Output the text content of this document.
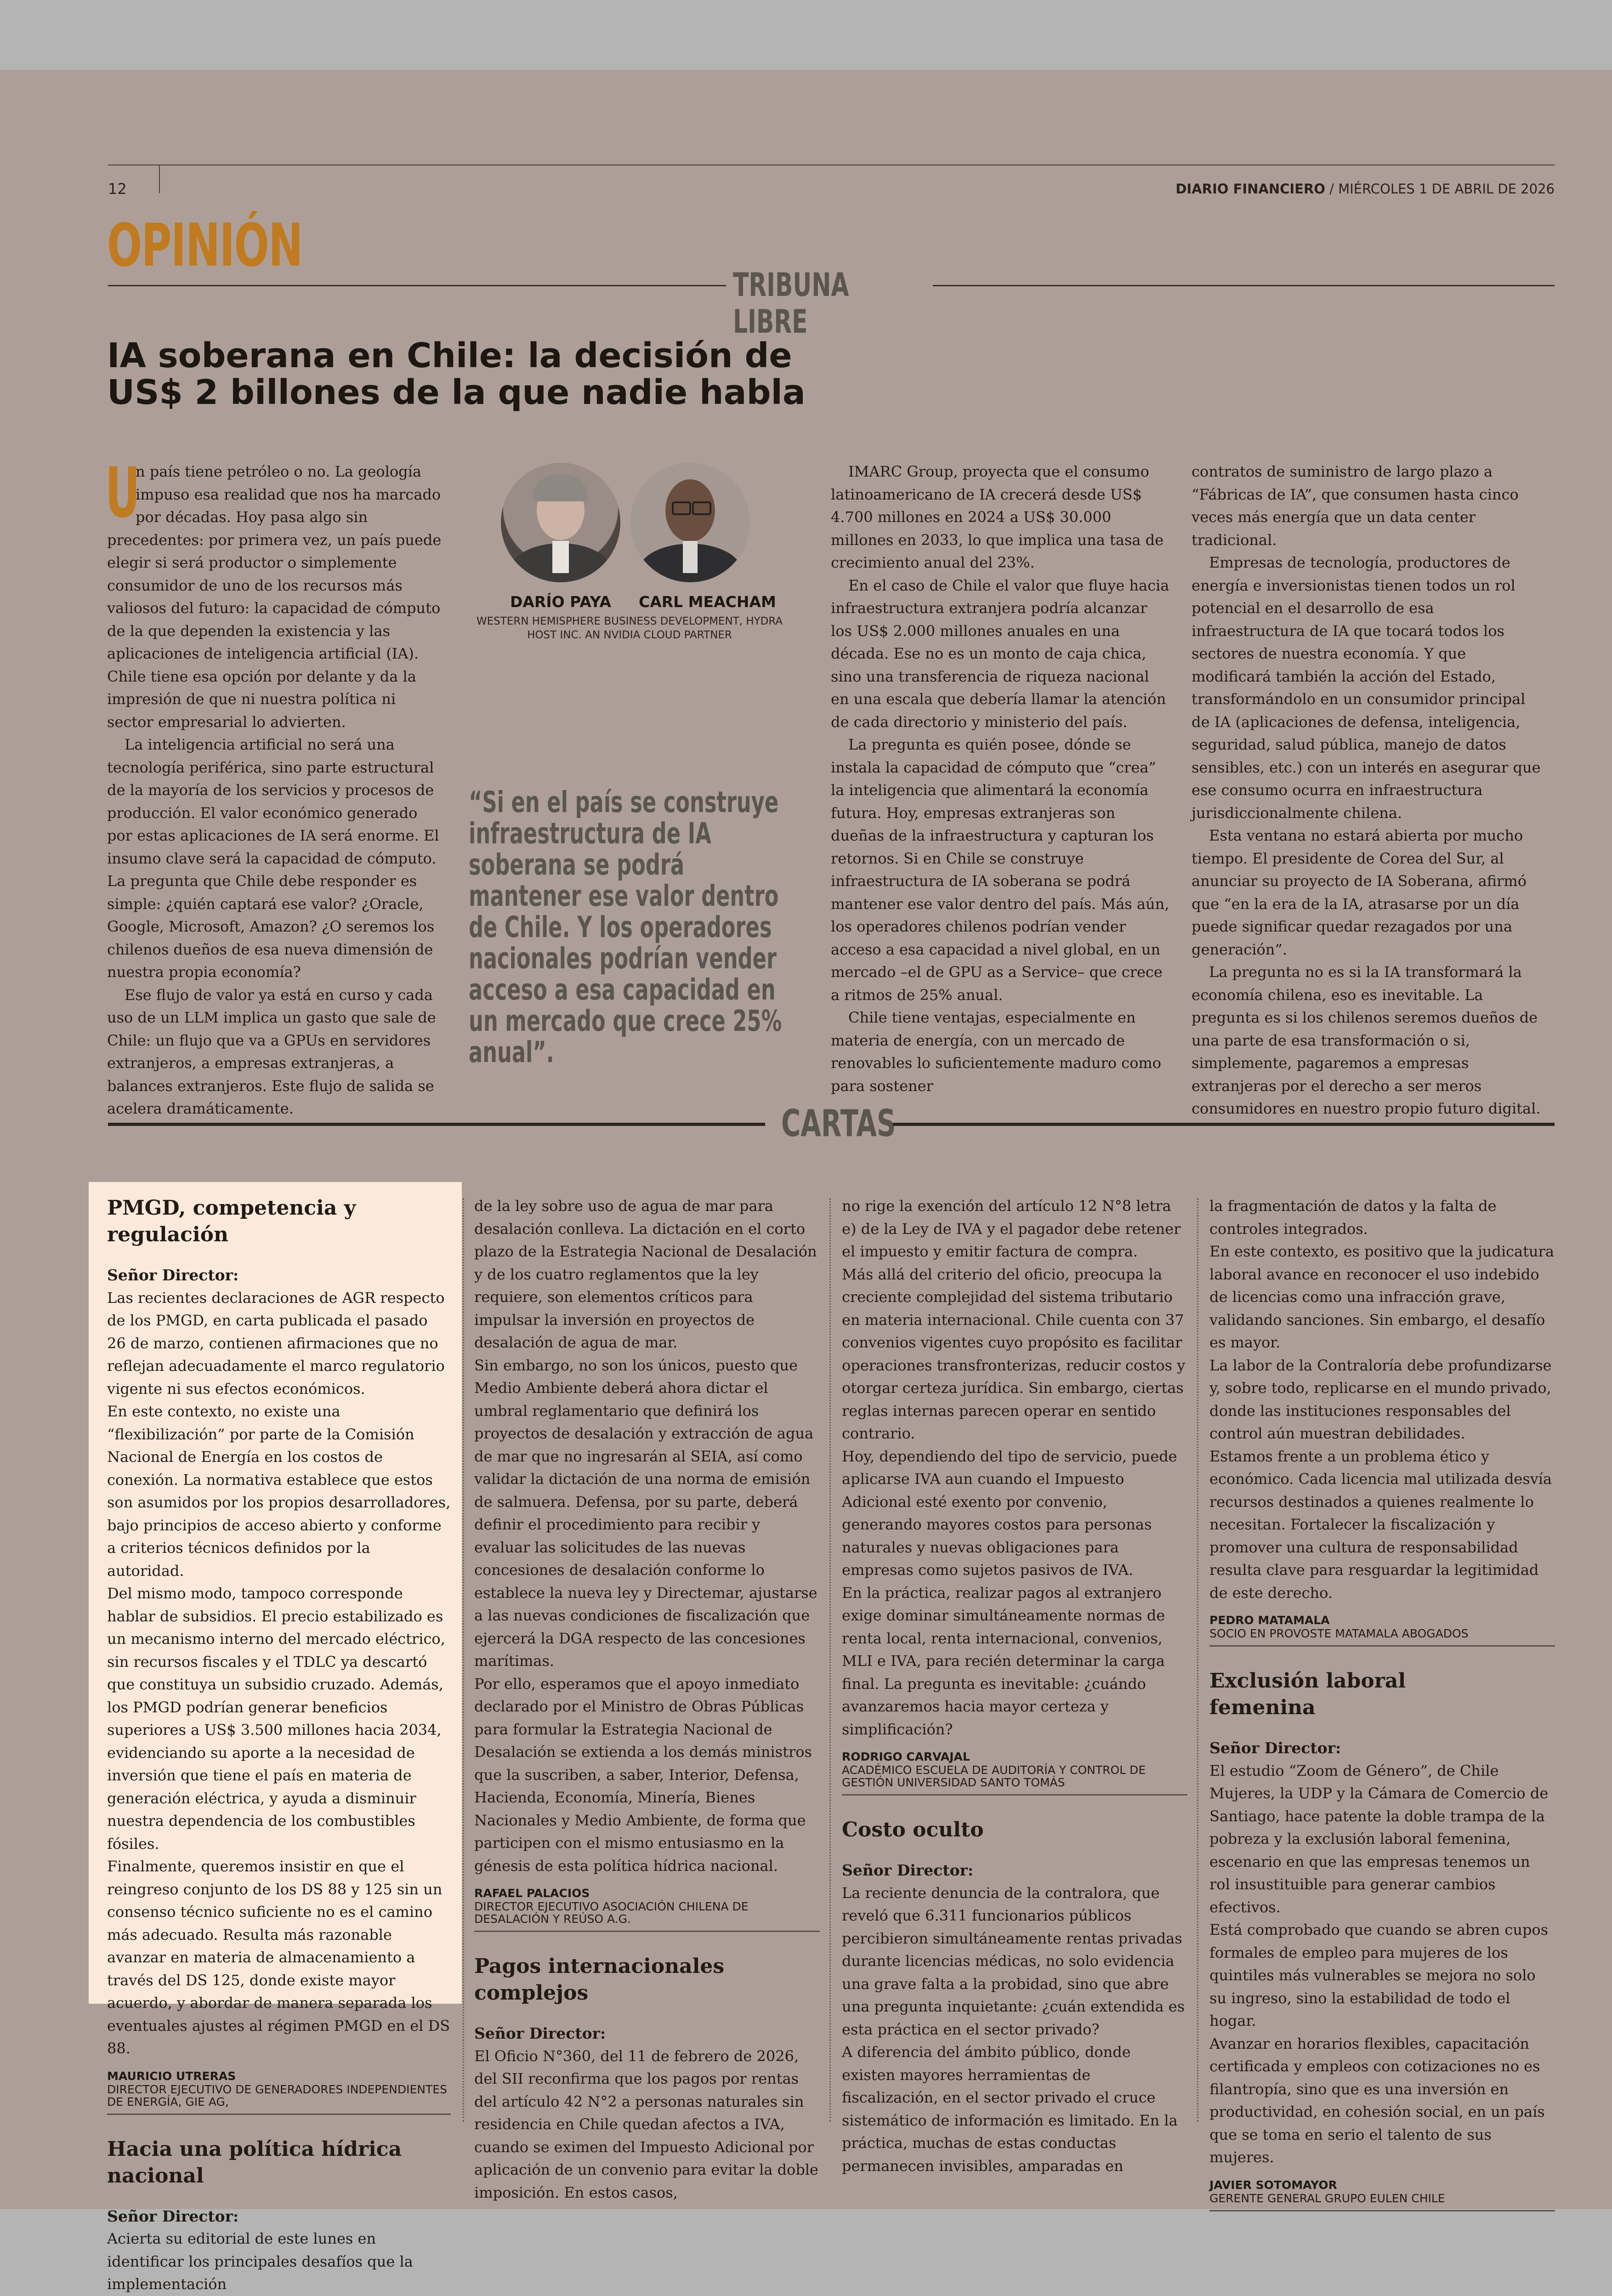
12	DIARIO FINANCIERO / MIÉRCOLES 1 DE ABRIL DE 2026
OPINIÓN
TRIBUNA LIBRE
IA soberana en Chile: la decisión de
US$ 2 billones de la que nadie habla

U
n país tiene petróleo o no. La geología impuso esa realidad que nos ha marcado por décadas. Hoy pasa algo sin precedentes: por primera vez, un país puede elegir si será productor o simplemente consumidor de uno de los recursos más valiosos del futuro: la capacidad de cómputo de la que dependen la existencia y las aplicaciones de inteligencia artificial (IA). Chile tiene esa opción por delante y da la impresión de que ni nuestra política ni sector empresarial lo advierten.

La inteligencia artificial no será una tecnología periférica, sino parte estructural de la mayoría de los servicios y procesos de producción. El valor económico generado por estas aplicaciones de IA será enorme. El insumo clave será la capacidad de cómputo. La pregunta que Chile debe responder es simple: ¿quién captará ese valor? ¿Oracle, Google, Microsoft, Amazon? ¿O seremos los chilenos dueños de esa nueva dimensión de nuestra propia economía?

Ese flujo de valor ya está en curso y cada uso de un LLM implica un gasto que sale de Chile: un flujo que va a GPUs en servidores extranjeros, a empresas extranjeras, a balances extranjeros. Este flujo de salida se acelera dramáticamente.

DARÍO PAYA CARL MEACHAM
WESTERN HEMISPHERE BUSINESS DEVELOPMENT, HYDRA
HOST INC. AN NVIDIA CLOUD PARTNER
“Si en el país se construye infraestructura de IA soberana se podrá mantener ese valor dentro de Chile. Y los operadores nacionales podrían vender acceso a esa capacidad en un mercado que crece 25% anual”.

IMARC Group, proyecta que el consumo latinoamericano de IA crecerá desde US$ 4.700 millones en 2024 a US$ 30.000 millones en 2033, lo que implica una tasa de crecimiento anual del 23%.

En el caso de Chile el valor que fluye hacia infraestructura extranjera podría alcanzar los US$ 2.000 millones anuales en una década. Ese no es un monto de caja chica, sino una transferencia de riqueza nacional en una escala que debería llamar la atención de cada directorio y ministerio del país.

La pregunta es quién posee, dónde se instala la capacidad de cómputo que “crea” la inteligencia que alimentará la economía futura. Hoy, empresas extranjeras son dueñas de la infraestructura y capturan los retornos. Si en Chile se construye infraestructura de IA soberana se podrá mantener ese valor dentro del país. Más aún, los operadores chilenos podrían vender acceso a esa capacidad a nivel global, en un mercado –el de GPU as a Service– que crece a ritmos de 25% anual.

Chile tiene ventajas, especialmente en materia de energía, con un mercado de renovables lo suficientemente maduro como para sostener

contratos de suministro de largo plazo a “Fábricas de IA”, que consumen hasta cinco veces más energía que un data center tradicional.

Empresas de tecnología, productores de energía e inversionistas tienen todos un rol potencial en el desarrollo de esa infraestructura de IA que tocará todos los sectores de nuestra economía. Y que modificará también la acción del Estado, transformándolo en un consumidor principal de IA (aplicaciones de defensa, inteligencia, seguridad, salud pública, manejo de datos sensibles, etc.) con un interés en asegurar que ese consumo ocurra en infraestructura jurisdiccionalmente chilena.

Esta ventana no estará abierta por mucho tiempo. El presidente de Corea del Sur, al anunciar su proyecto de IA Soberana, afirmó que “en la era de la IA, atrasarse por un día puede significar quedar rezagados por una generación”.

La pregunta no es si la IA transformará la economía chilena, eso es inevitable. La pregunta es si los chilenos seremos dueños de una parte de esa transformación o si, simplemente, pagaremos a empresas extranjeras por el derecho a ser meros consumidores en nuestro propio futuro digital.

CARTAS
PMGD, competencia y regulación

Señor Director:

Las recientes declaraciones de AGR respecto de los PMGD, en carta publicada el pasado 26 de marzo, contienen afirmaciones que no reflejan adecuadamente el marco regulatorio vigente ni sus efectos económicos.

En este contexto, no existe una “flexibilización” por parte de la Comisión Nacional de Energía en los costos de conexión. La normativa establece que estos son asumidos por los propios desarrolladores, bajo principios de acceso abierto y conforme a criterios técnicos definidos por la autoridad.

Del mismo modo, tampoco corresponde hablar de subsidios. El precio estabilizado es un mecanismo interno del mercado eléctrico, sin recursos fiscales y el TDLC ya descartó que constituya un subsidio cruzado. Además, los PMGD podrían generar beneficios superiores a US$ 3.500 millones hacia 2034, evidenciando su aporte a la necesidad de inversión que tiene el país en materia de generación eléctrica, y ayuda a disminuir nuestra dependencia de los combustibles fósiles.

Finalmente, queremos insistir en que el reingreso conjunto de los DS 88 y 125 sin un consenso técnico suficiente no es el camino más adecuado. Resulta más razonable avanzar en materia de almacenamiento a través del DS 125, donde existe mayor acuerdo, y abordar de manera separada los eventuales ajustes al régimen PMGD en el DS 88.

MAURICIO UTRERAS
DIRECTOR EJECUTIVO DE GENERADORES INDEPENDIENTES DE ENERGÍA, GIE AG,
Hacia una política hídrica nacional

Señor Director:

Acierta su editorial de este lunes en identificar los principales desafíos que la implementación

de la ley sobre uso de agua de mar para desalación conlleva. La dictación en el corto plazo de la Estrategia Nacional de Desalación y de los cuatro reglamentos que la ley requiere, son elementos críticos para impulsar la inversión en proyectos de desalación de agua de mar.

Sin embargo, no son los únicos, puesto que Medio Ambiente deberá ahora dictar el umbral reglamentario que definirá los proyectos de desalación y extracción de agua de mar que no ingresarán al SEIA, así como validar la dictación de una norma de emisión de salmuera. Defensa, por su parte, deberá definir el procedimiento para recibir y evaluar las solicitudes de las nuevas concesiones de desalación conforme lo establece la nueva ley y Directemar, ajustarse a las nuevas condiciones de fiscalización que ejercerá la DGA respecto de las concesiones marítimas.

Por ello, esperamos que el apoyo inmediato declarado por el Ministro de Obras Públicas para formular la Estrategia Nacional de Desalación se extienda a los demás ministros que la suscriben, a saber, Interior, Defensa, Hacienda, Economía, Minería, Bienes Nacionales y Medio Ambiente, de forma que participen con el mismo entusiasmo en la génesis de esta política hídrica nacional.

RAFAEL PALACIOS
DIRECTOR EJECUTIVO ASOCIACIÓN CHILENA DE DESALACIÓN Y REÚSO A.G.
Pagos internacionales complejos

Señor Director:

El Oficio N°360, del 11 de febrero de 2026, del SII reconfirma que los pagos por rentas del artículo 42 N°2 a personas naturales sin residencia en Chile quedan afectos a IVA, cuando se eximen del Impuesto Adicional por aplicación de un convenio para evitar la doble imposición. En estos casos,

no rige la exención del artículo 12 N°8 letra e) de la Ley de IVA y el pagador debe retener el impuesto y emitir factura de compra.

Más allá del criterio del oficio, preocupa la creciente complejidad del sistema tributario en materia internacional. Chile cuenta con 37 convenios vigentes cuyo propósito es facilitar operaciones transfronterizas, reducir costos y otorgar certeza jurídica. Sin embargo, ciertas reglas internas parecen operar en sentido contrario.

Hoy, dependiendo del tipo de servicio, puede aplicarse IVA aun cuando el Impuesto Adicional esté exento por convenio, generando mayores costos para personas naturales y nuevas obligaciones para empresas como sujetos pasivos de IVA.

En la práctica, realizar pagos al extranjero exige dominar simultáneamente normas de renta local, renta internacional, convenios, MLI e IVA, para recién determinar la carga final. La pregunta es inevitable: ¿cuándo avanzaremos hacia mayor certeza y simplificación?

RODRIGO CARVAJAL
ACADÉMICO ESCUELA DE AUDITORÍA Y CONTROL DE GESTIÓN UNIVERSIDAD SANTO TOMÁS
Costo oculto

Señor Director:

La reciente denuncia de la contralora, que reveló que 6.311 funcionarios públicos percibieron simultáneamente rentas privadas durante licencias médicas, no solo evidencia una grave falta a la probidad, sino que abre una pregunta inquietante: ¿cuán extendida es esta práctica en el sector privado?

A diferencia del ámbito público, donde existen mayores herramientas de fiscalización, en el sector privado el cruce sistemático de información es limitado. En la práctica, muchas de estas conductas permanecen invisibles, amparadas en

la fragmentación de datos y la falta de controles integrados.

En este contexto, es positivo que la judicatura laboral avance en reconocer el uso indebido de licencias como una infracción grave, validando sanciones. Sin embargo, el desafío es mayor.

La labor de la Contraloría debe profundizarse y, sobre todo, replicarse en el mundo privado, donde las instituciones responsables del control aún muestran debilidades.

Estamos frente a un problema ético y económico. Cada licencia mal utilizada desvía recursos destinados a quienes realmente lo necesitan. Fortalecer la fiscalización y promover una cultura de responsabilidad resulta clave para resguardar la legitimidad de este derecho.

PEDRO MATAMALA
SOCIO EN PROVOSTE MATAMALA ABOGADOS
Exclusión laboral femenina

Señor Director:

El estudio “Zoom de Género”, de Chile Mujeres, la UDP y la Cámara de Comercio de Santiago, hace patente la doble trampa de la pobreza y la exclusión laboral femenina, escenario en que las empresas tenemos un rol insustituible para generar cambios efectivos.

Está comprobado que cuando se abren cupos formales de empleo para mujeres de los quintiles más vulnerables se mejora no solo su ingreso, sino la estabilidad de todo el hogar.

Avanzar en horarios flexibles, capacitación certificada y empleos con cotizaciones no es filantropía, sino que es una inversión en productividad, en cohesión social, en un país que se toma en serio el talento de sus mujeres.

JAVIER SOTOMAYOR
GERENTE GENERAL GRUPO EULEN CHILE
